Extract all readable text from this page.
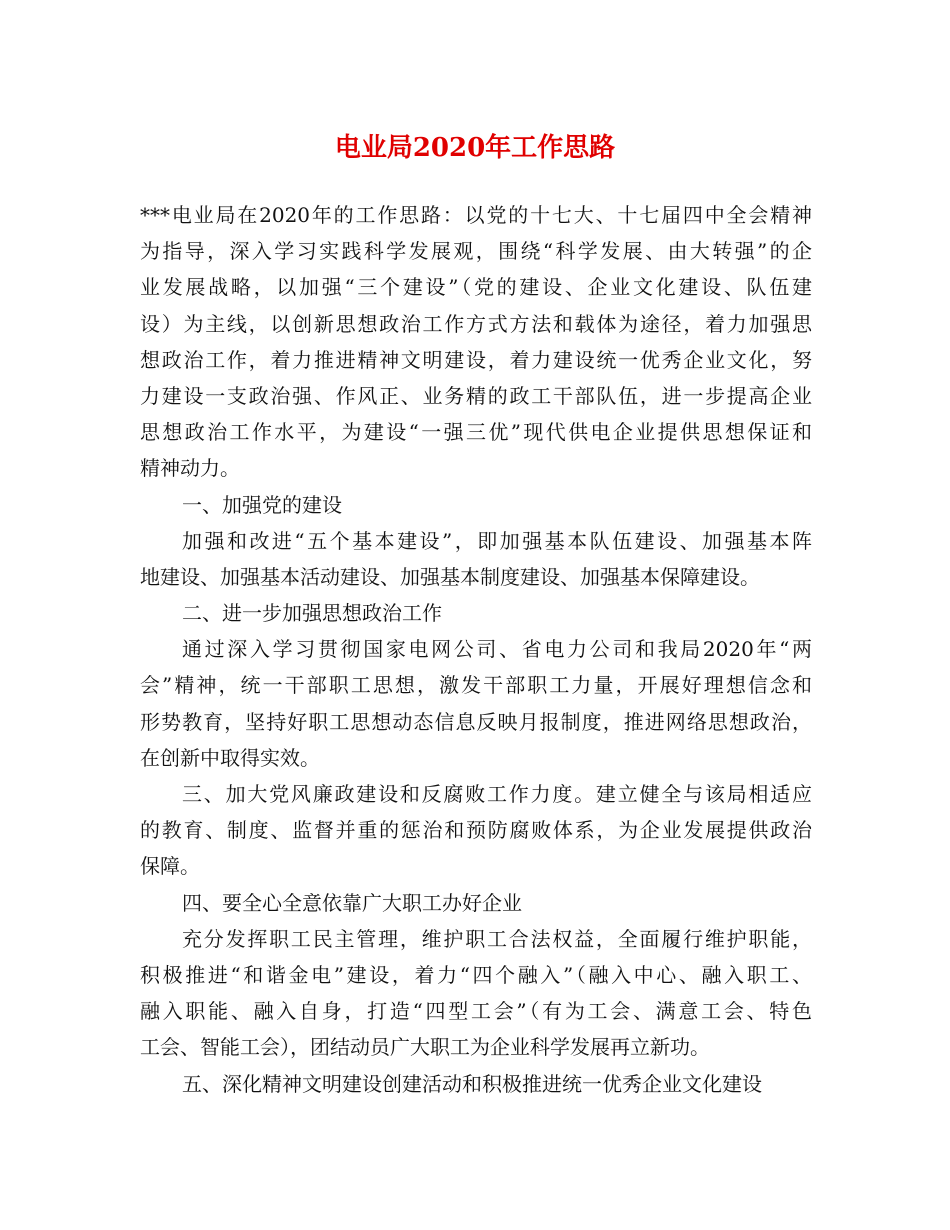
电业局2020年工作思路
***电业局在2020年的工作思路：以党的十七大、十七届四中全会精神
为指导，深入学习实践科学发展观，围绕“科学发展、由大转强”的企
业发展战略，以加强“三个建设”（党的建设、企业文化建设、队伍建
设）为主线，以创新思想政治工作方式方法和载体为途径，着力加强思
想政治工作，着力推进精神文明建设，着力建设统一优秀企业文化，努
力建设一支政治强、作风正、业务精的政工干部队伍，进一步提高企业
思想政治工作水平，为建设“一强三优”现代供电企业提供思想保证和
精神动力。
一、加强党的建设
加强和改进“五个基本建设”，即加强基本队伍建设、加强基本阵
地建设、加强基本活动建设、加强基本制度建设、加强基本保障建设。
二、进一步加强思想政治工作
通过深入学习贯彻国家电网公司、省电力公司和我局2020年“两
会”精神，统一干部职工思想，激发干部职工力量，开展好理想信念和
形势教育，坚持好职工思想动态信息反映月报制度，推进网络思想政治，
在创新中取得实效。
三、加大党风廉政建设和反腐败工作力度。建立健全与该局相适应
的教育、制度、监督并重的惩治和预防腐败体系，为企业发展提供政治
保障。
四、要全心全意依靠广大职工办好企业
充分发挥职工民主管理，维护职工合法权益，全面履行维护职能，
积极推进“和谐金电”建设，着力“四个融入”（融入中心、融入职工、
融入职能、融入自身，打造“四型工会”（有为工会、满意工会、特色
工会、智能工会），团结动员广大职工为企业科学发展再立新功。
五、深化精神文明建设创建活动和积极推进统一优秀企业文化建设
